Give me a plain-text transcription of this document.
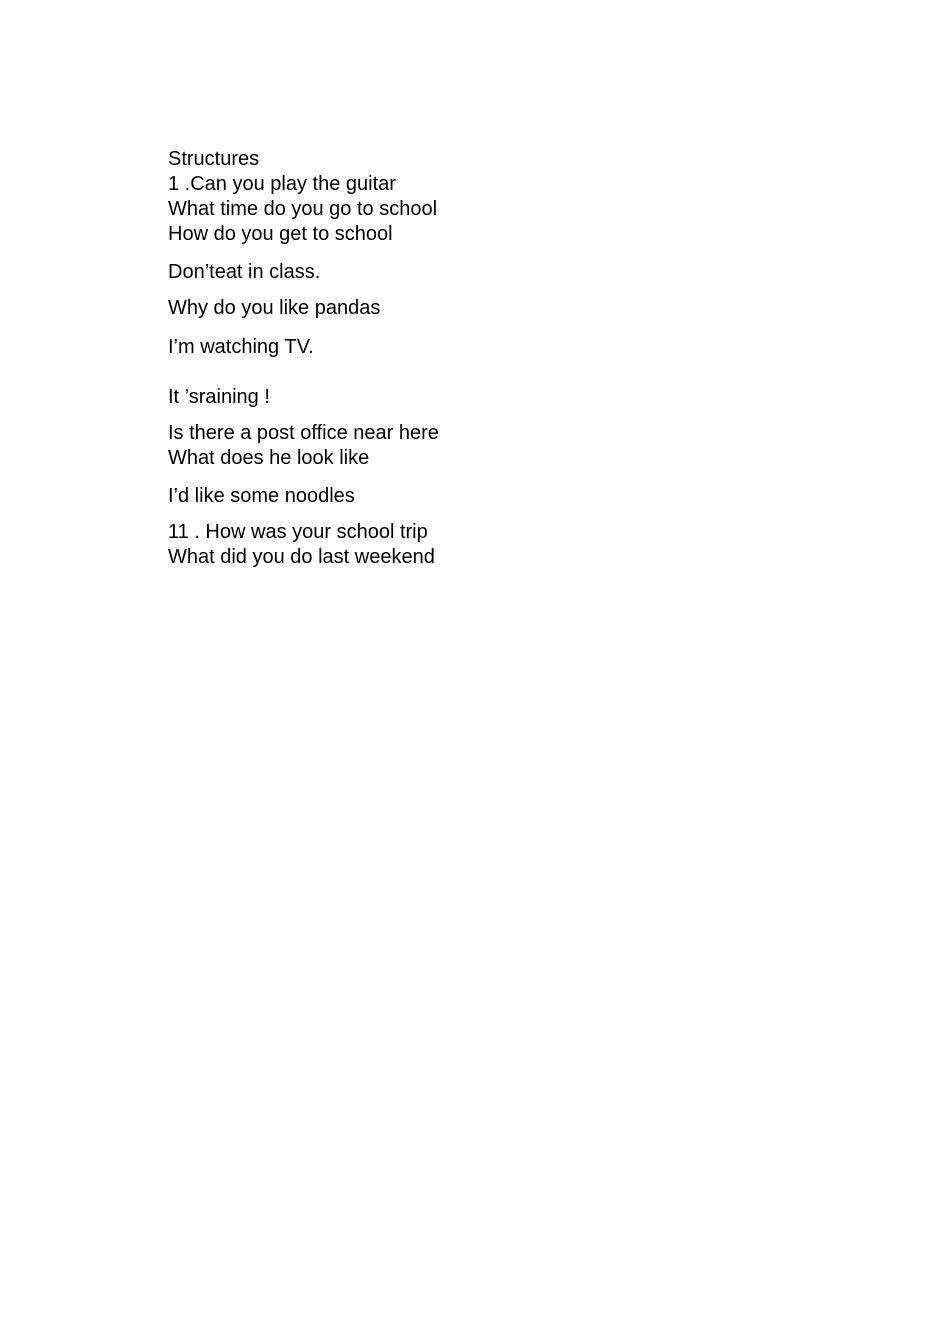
Structures

1 .Can you play the guitar

What time do you go to school

How do you get to school

Don’teat in class.

Why do you like pandas

I’m watching TV.

It ’sraining !

Is there a post office near here

What does he look like

I’d like some noodles

11 . How was your school trip

What did you do last weekend
